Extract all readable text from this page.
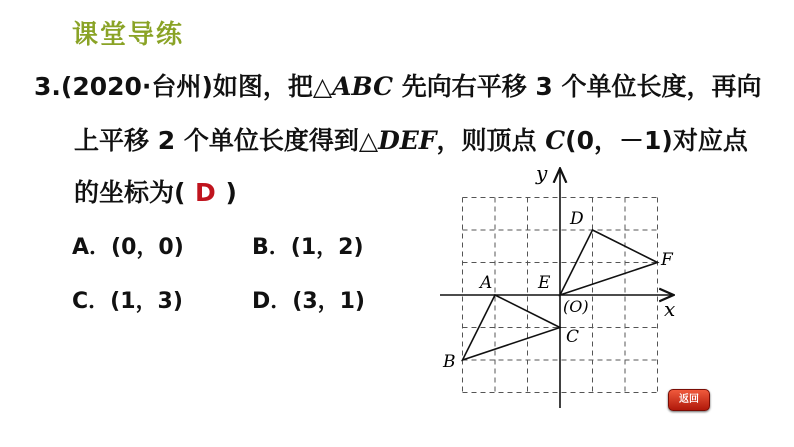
课堂导练
3.(2020·台州)如图，把△ABC 先向右平移 3 个单位长度，再向
上平移 2 个单位长度得到△DEF，则顶点 C(0，－1)对应点
的坐标为( D )
A．(0，0)	B．(1，2)
C．(1，3)	D．(3，1)
y
x
A
B
C
D
E
F
(O)
返回
